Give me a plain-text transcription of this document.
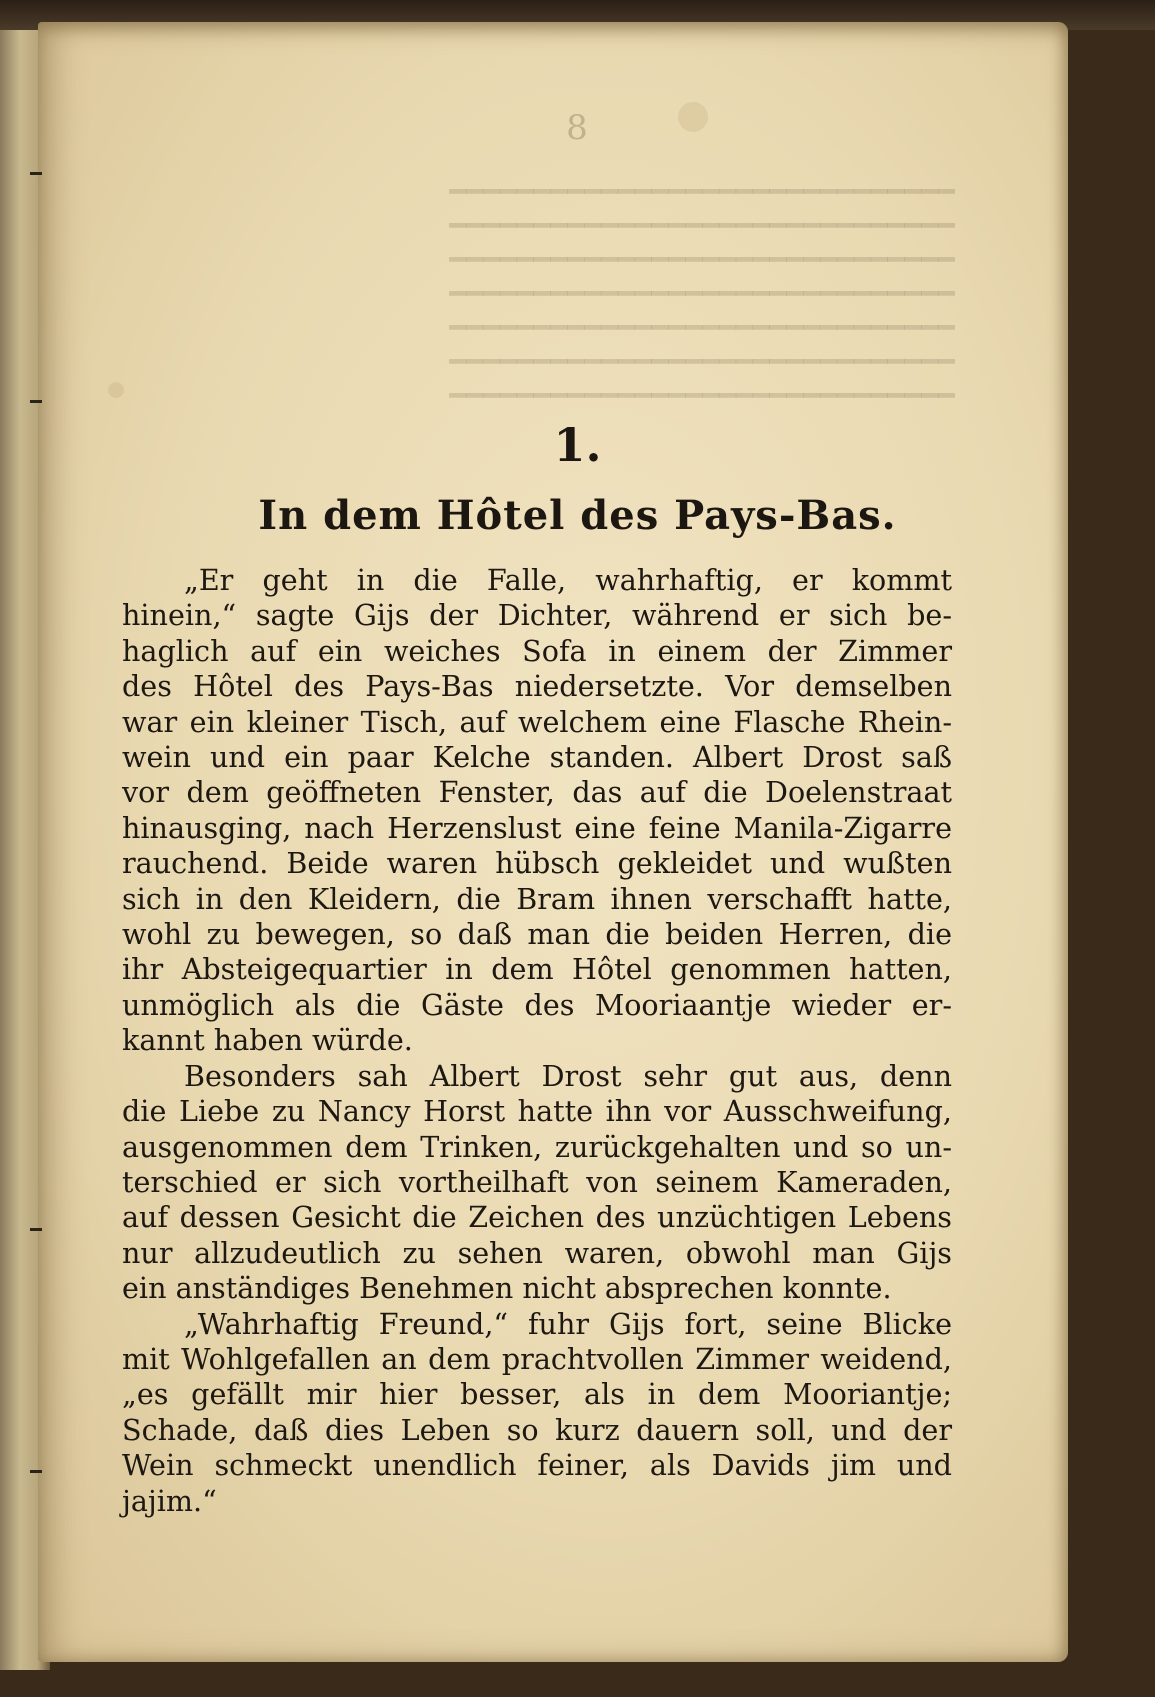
8
━━━━━━━━━━━━━━━━━━━━━━━━━━━━━━
━━━━━━━━━━━━━━━━━━━━━━━━━━━━━━
━━━━━━━━━━━━━━━━━━━━━━━━━━━━━━
━━━━━━━━━━━━━━━━━━━━━━━━━━━━━━
━━━━━━━━━━━━━━━━━━━━━━━━━━━━━━
━━━━━━━━━━━━━━━━━━━━━━━━━━━━━━
━━━━━━━━━━━━━━━━━━━━━━━━━━━━━━
1.
In dem Hôtel des Pays-Bas.
„Er geht in die Falle, wahrhaftig, er kommt
hinein,“ sagte Gijs der Dichter, während er sich be-
haglich auf ein weiches Sofa in einem der Zimmer
des Hôtel des Pays-Bas niedersetzte. Vor demselben
war ein kleiner Tisch, auf welchem eine Flasche Rhein-
wein und ein paar Kelche standen. Albert Drost saß
vor dem geöffneten Fenster, das auf die Doelenstraat
hinausging, nach Herzenslust eine feine Manila-Zigarre
rauchend. Beide waren hübsch gekleidet und wußten
sich in den Kleidern, die Bram ihnen verschafft hatte,
wohl zu bewegen, so daß man die beiden Herren, die
ihr Absteigequartier in dem Hôtel genommen hatten,
unmöglich als die Gäste des Mooriaantje wieder er-
kannt haben würde.
Besonders sah Albert Drost sehr gut aus, denn
die Liebe zu Nancy Horst hatte ihn vor Ausschweifung,
ausgenommen dem Trinken, zurückgehalten und so un-
terschied er sich vortheilhaft von seinem Kameraden,
auf dessen Gesicht die Zeichen des unzüchtigen Lebens
nur allzudeutlich zu sehen waren, obwohl man Gijs
ein anständiges Benehmen nicht absprechen konnte.
„Wahrhaftig Freund,“ fuhr Gijs fort, seine Blicke
mit Wohlgefallen an dem prachtvollen Zimmer weidend,
„es gefällt mir hier besser, als in dem Mooriantje;
Schade, daß dies Leben so kurz dauern soll, und der
Wein schmeckt unendlich feiner, als Davids jim und
jajim.“
